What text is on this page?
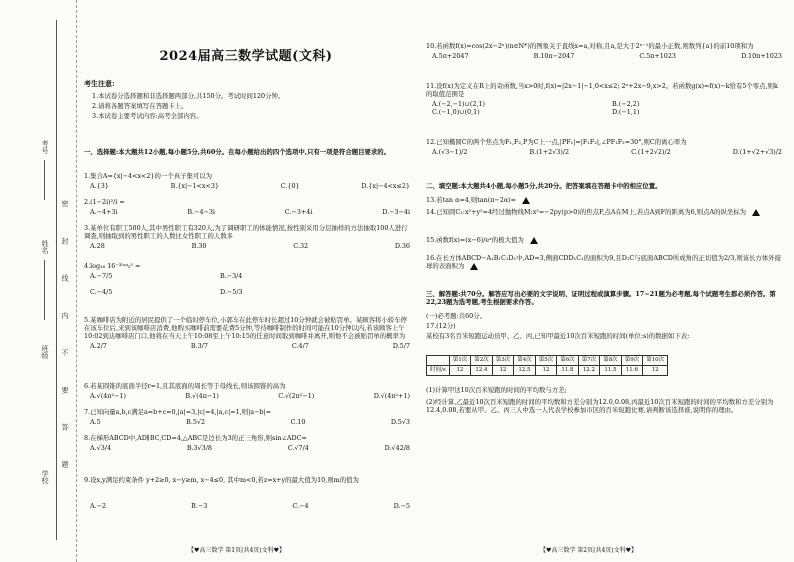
考号
姓名
班级
学校 密 封 线 内 不 要 答 题
2024届高三数学试题(文科)
考生注意:
1.本试卷分选择题和非选择题两部分,共150分。考试时间120分钟。
2.请将各题答案填写在答题卡上。
3.本试卷主要考试内容:高考全部内容。
一、选择题:本大题共12小题,每小题5分,共60分。在每小题给出的四个选项中,只有一项是符合题目要求的。
1.集合A={x|−4<x<2}的一个真子集可以为
A.{3}	B.{x|−1<x<3}	C.{0}	D.{x|−4<x≤2}
2.(1−2i)²/i =
A.−4+3i	B.−4−3i	C.−3+4i	D.−3−4i
3.某单位有职工500人,其中男性职工有320人,为了调研职工的体能情况,按性别采用分层抽样的方法抽取100人进行调查,则抽取到的男性职工的人数比女性职工的人数多
A.28	B.30	C.32	D.36
4.log₁₆ 16⁻³ˡᵒᵍ₂⁵ =
A.−7/5	B.−3/4
C.−4/5	D.−5/3
5.某咖啡店为附近的居民提供了一个临时停车位,小郭车在此停车时长超过10分钟就会被贴罚单。某顾客将小轿车停在该车位后,来到该咖啡店消费,他购买咖啡前需要花费5分钟,等待咖啡制作的时间可能在10分钟以内,若该顾客上午10:02到达咖啡店门口,他将在当天上午10:08至上午10:15的任意时间取到咖啡并离开,则他不会被贴罚单的概率为
A.2/7	B.3/7	C.4/7	D.5/7
6.若某圆锥的底面半径r=1,且其底面的周长等于母线长,则该圆锥的高为
A.√(4π²−1)	B.√(4π−1)	C.√(2π²−1)	D.√(4π²+1)
7.已知向量a,b,c满足a=b+c=0,|a|=3,|c|=4,|a,c|=1,则|a−b|=
A.5	B.5√2	C.10	D.5√3
8.在梯形ABCD中,AD∥BC,CD=4,△ABC是边长为3的正三角形,则sin∠ADC=
A.√3/4	B.3√3/8	C.√7/4	D.√42/8
9.设x,y满足约束条件 y+2≥0, x−y≥m, x−4≤0, 其中m<0,若z=x+y的最大值为10,则m的值为
A.−2	B.−3	C.−4	D.−5
【♥高三数学 第1页(共4页)文科♥】
10.若函数f(x)=cos(2x−2ⁿ)(n∈N*)的图象关于直线x=a,对称,且a,是大于2ⁿ⁻¹的最小正数,则数列{a}的前10项和为
A.5π+2047	B.10π−2047	C.5π+1023	D.10π+1023
11.设f(x)为定义在R上的奇函数,当x>0时,f(x)=|2x−1|−1,0<x≤2; 2ˣ+2x−9,x>2。若函数g(x)=f(x)−k恰有5个零点,则k的取值范围是
A.(−2,−1)∪(2,1)	B.(−2,2)
C.(−1,0)∪(0,1)	D.(−1,1)
12.已知椭圆C的两个焦点为F₁,F₂,P为C上一点,|PF₁|=|F₁F₂|,∠PF₁F₂=30°,则C的离心率为
A.(√3−1)/2	B.(1+2√3)/2	C.(1+2√2)/2	D.(1+√2+√3)/2
二、填空题:本大题共4小题,每小题5分,共20分。把答案填在答题卡中的相应位置。
13.若tan α=4,则tan(π−2α)=
14.已知圆C₁:x²+y²=4经过抛物线M:x²=−2py(p>0)的焦点F,点A在M上,若点A到F的距离为6,则点A的纵坐标为
15.函数f(x)=(x−6)/eˣ的极大值为
16.在长方体ABCD−A₁B₁C₁D₁中,AD=3,侧面CDD₁C₁的面积为9,且D₁C与底面ABCD所成角的正切值为2/3,则该长方体外接球的表面积为
三、解答题:共70分。解答应写出必要的文字说明、证明过程或演算步骤。17~21题为必考题,每个试题考生都必须作答。第22,23题为选考题,考生根据要求作答。
(一)必考题:共60分。
17.(12分)
某校有3名百米短跑运动员甲、乙、丙,已知甲最近10次百米短跑的时间(单位:s)的数据如下表:
	第1次	第2次	第3次	第4次	第5次	第6次	第7次	第8次	第9次	第10次
时间/s	12	12.4	12	12.5	12	11.8	12.2	11.5	11.6	12
(1)计算甲这10次百米短跑的时间的平均数与方差;
(2)经计算,乙最近10次百米短跑的时间的平均数和方差分别为12.0,0.08,丙最近10次百米短跑的时间的平均数和方差分别为12.4,0.08,若要从甲、乙、丙三人中选一人代表学校参加市区的百米短跑比赛,请判断该选择谁,说明你的理由。
【♥高三数学 第2页(共4页)文科♥】
